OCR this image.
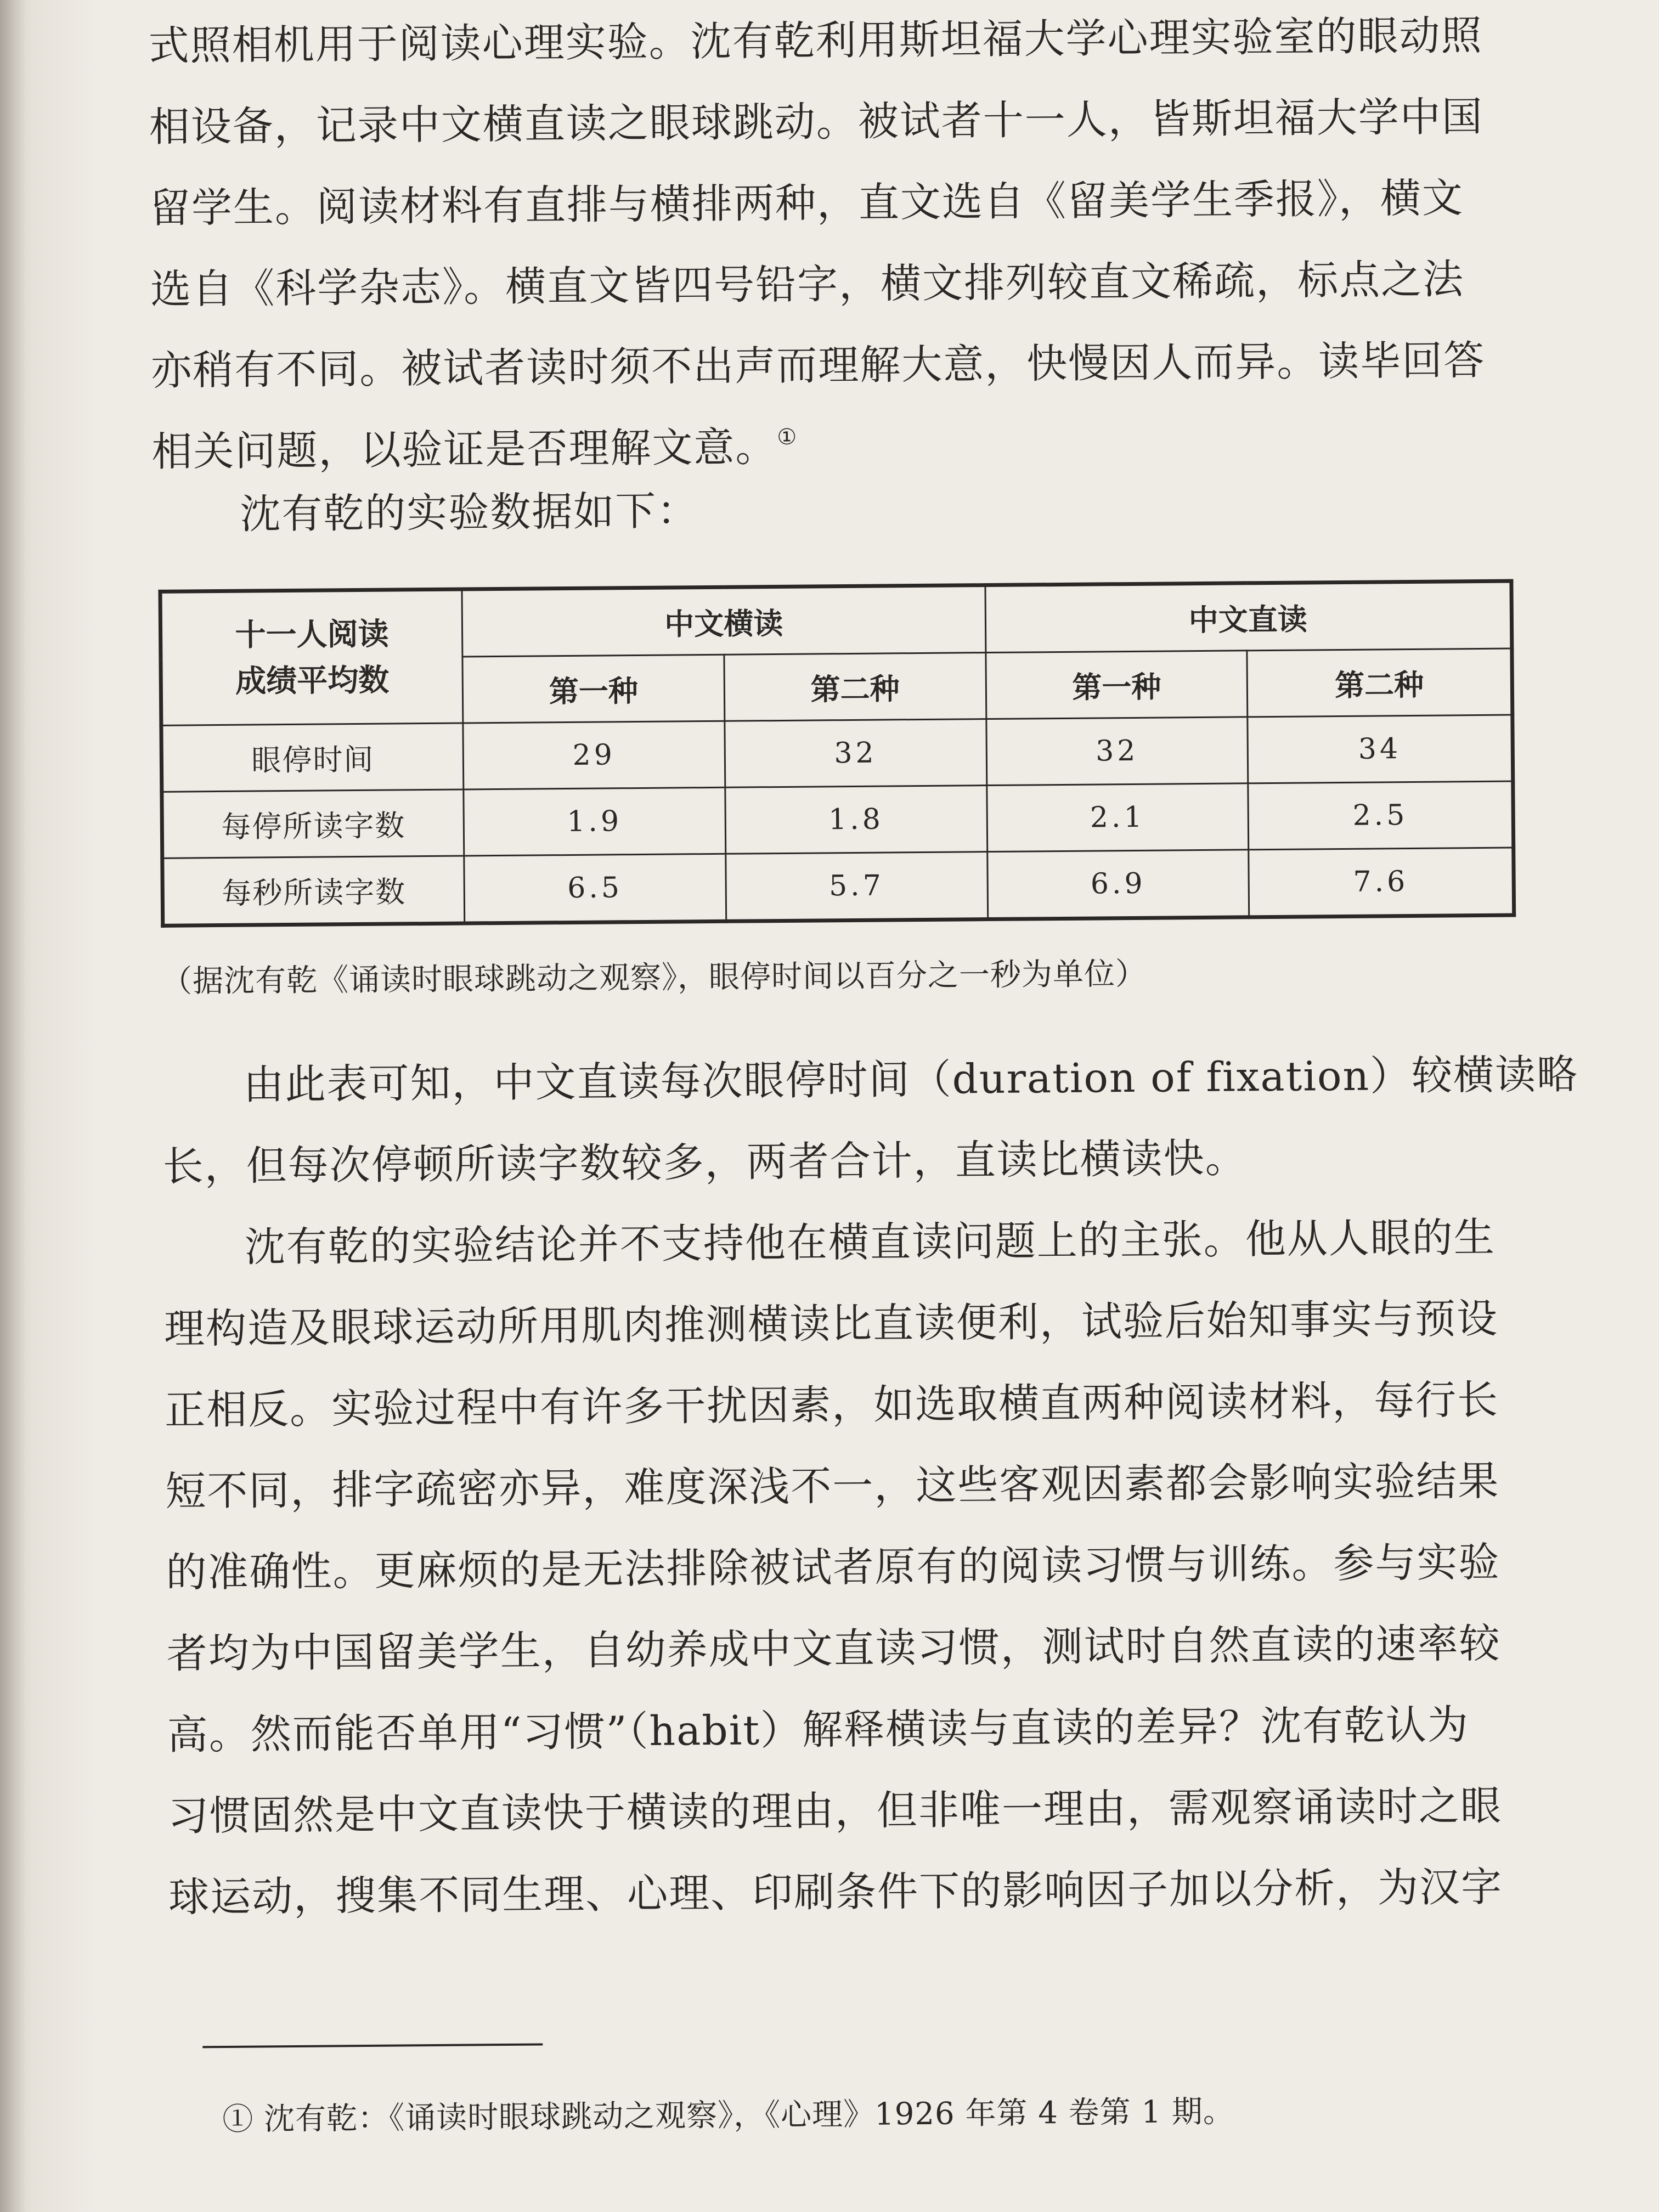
式照相机用于阅读心理实验。沈有乾利用斯坦福大学心理实验室的眼动照
相设备，记录中文横直读之眼球跳动。被试者十一人，皆斯坦福大学中国
留学生。阅读材料有直排与横排两种，直文选自《留美学生季报》，横文
选自《科学杂志》。横直文皆四号铅字，横文排列较直文稀疏，标点之法
亦稍有不同。被试者读时须不出声而理解大意，快慢因人而异。读毕回答
相关问题，以验证是否理解文意。①

沈有乾的实验数据如下：
十一人阅读
成绩平均数	中文横读		中文直读	
	第一种	第二种	第一种	第二种
眼停时间	29	32	32	34
每停所读字数	1.9	1.8	2.1	2.5
每秒所读字数	6.5	5.7	6.9	7.6
（据沈有乾《诵读时眼球跳动之观察》，眼停时间以百分之一秒为单位）

由此表可知，中文直读每次眼停时间（duration of fixation）较横读略
长，但每次停顿所读字数较多，两者合计，直读比横读快。
沈有乾的实验结论并不支持他在横直读问题上的主张。他从人眼的生
理构造及眼球运动所用肌肉推测横读比直读便利，试验后始知事实与预设
正相反。实验过程中有许多干扰因素，如选取横直两种阅读材料，每行长
短不同，排字疏密亦异，难度深浅不一，这些客观因素都会影响实验结果
的准确性。更麻烦的是无法排除被试者原有的阅读习惯与训练。参与实验
者均为中国留美学生，自幼养成中文直读习惯，测试时自然直读的速率较
高。然而能否单用“习惯”（habit）解释横读与直读的差异？沈有乾认为
习惯固然是中文直读快于横读的理由，但非唯一理由，需观察诵读时之眼
球运动，搜集不同生理、心理、印刷条件下的影响因子加以分析，为汉字

① 沈有乾：《诵读时眼球跳动之观察》，《心理》1926 年第 4 卷第 1 期。
